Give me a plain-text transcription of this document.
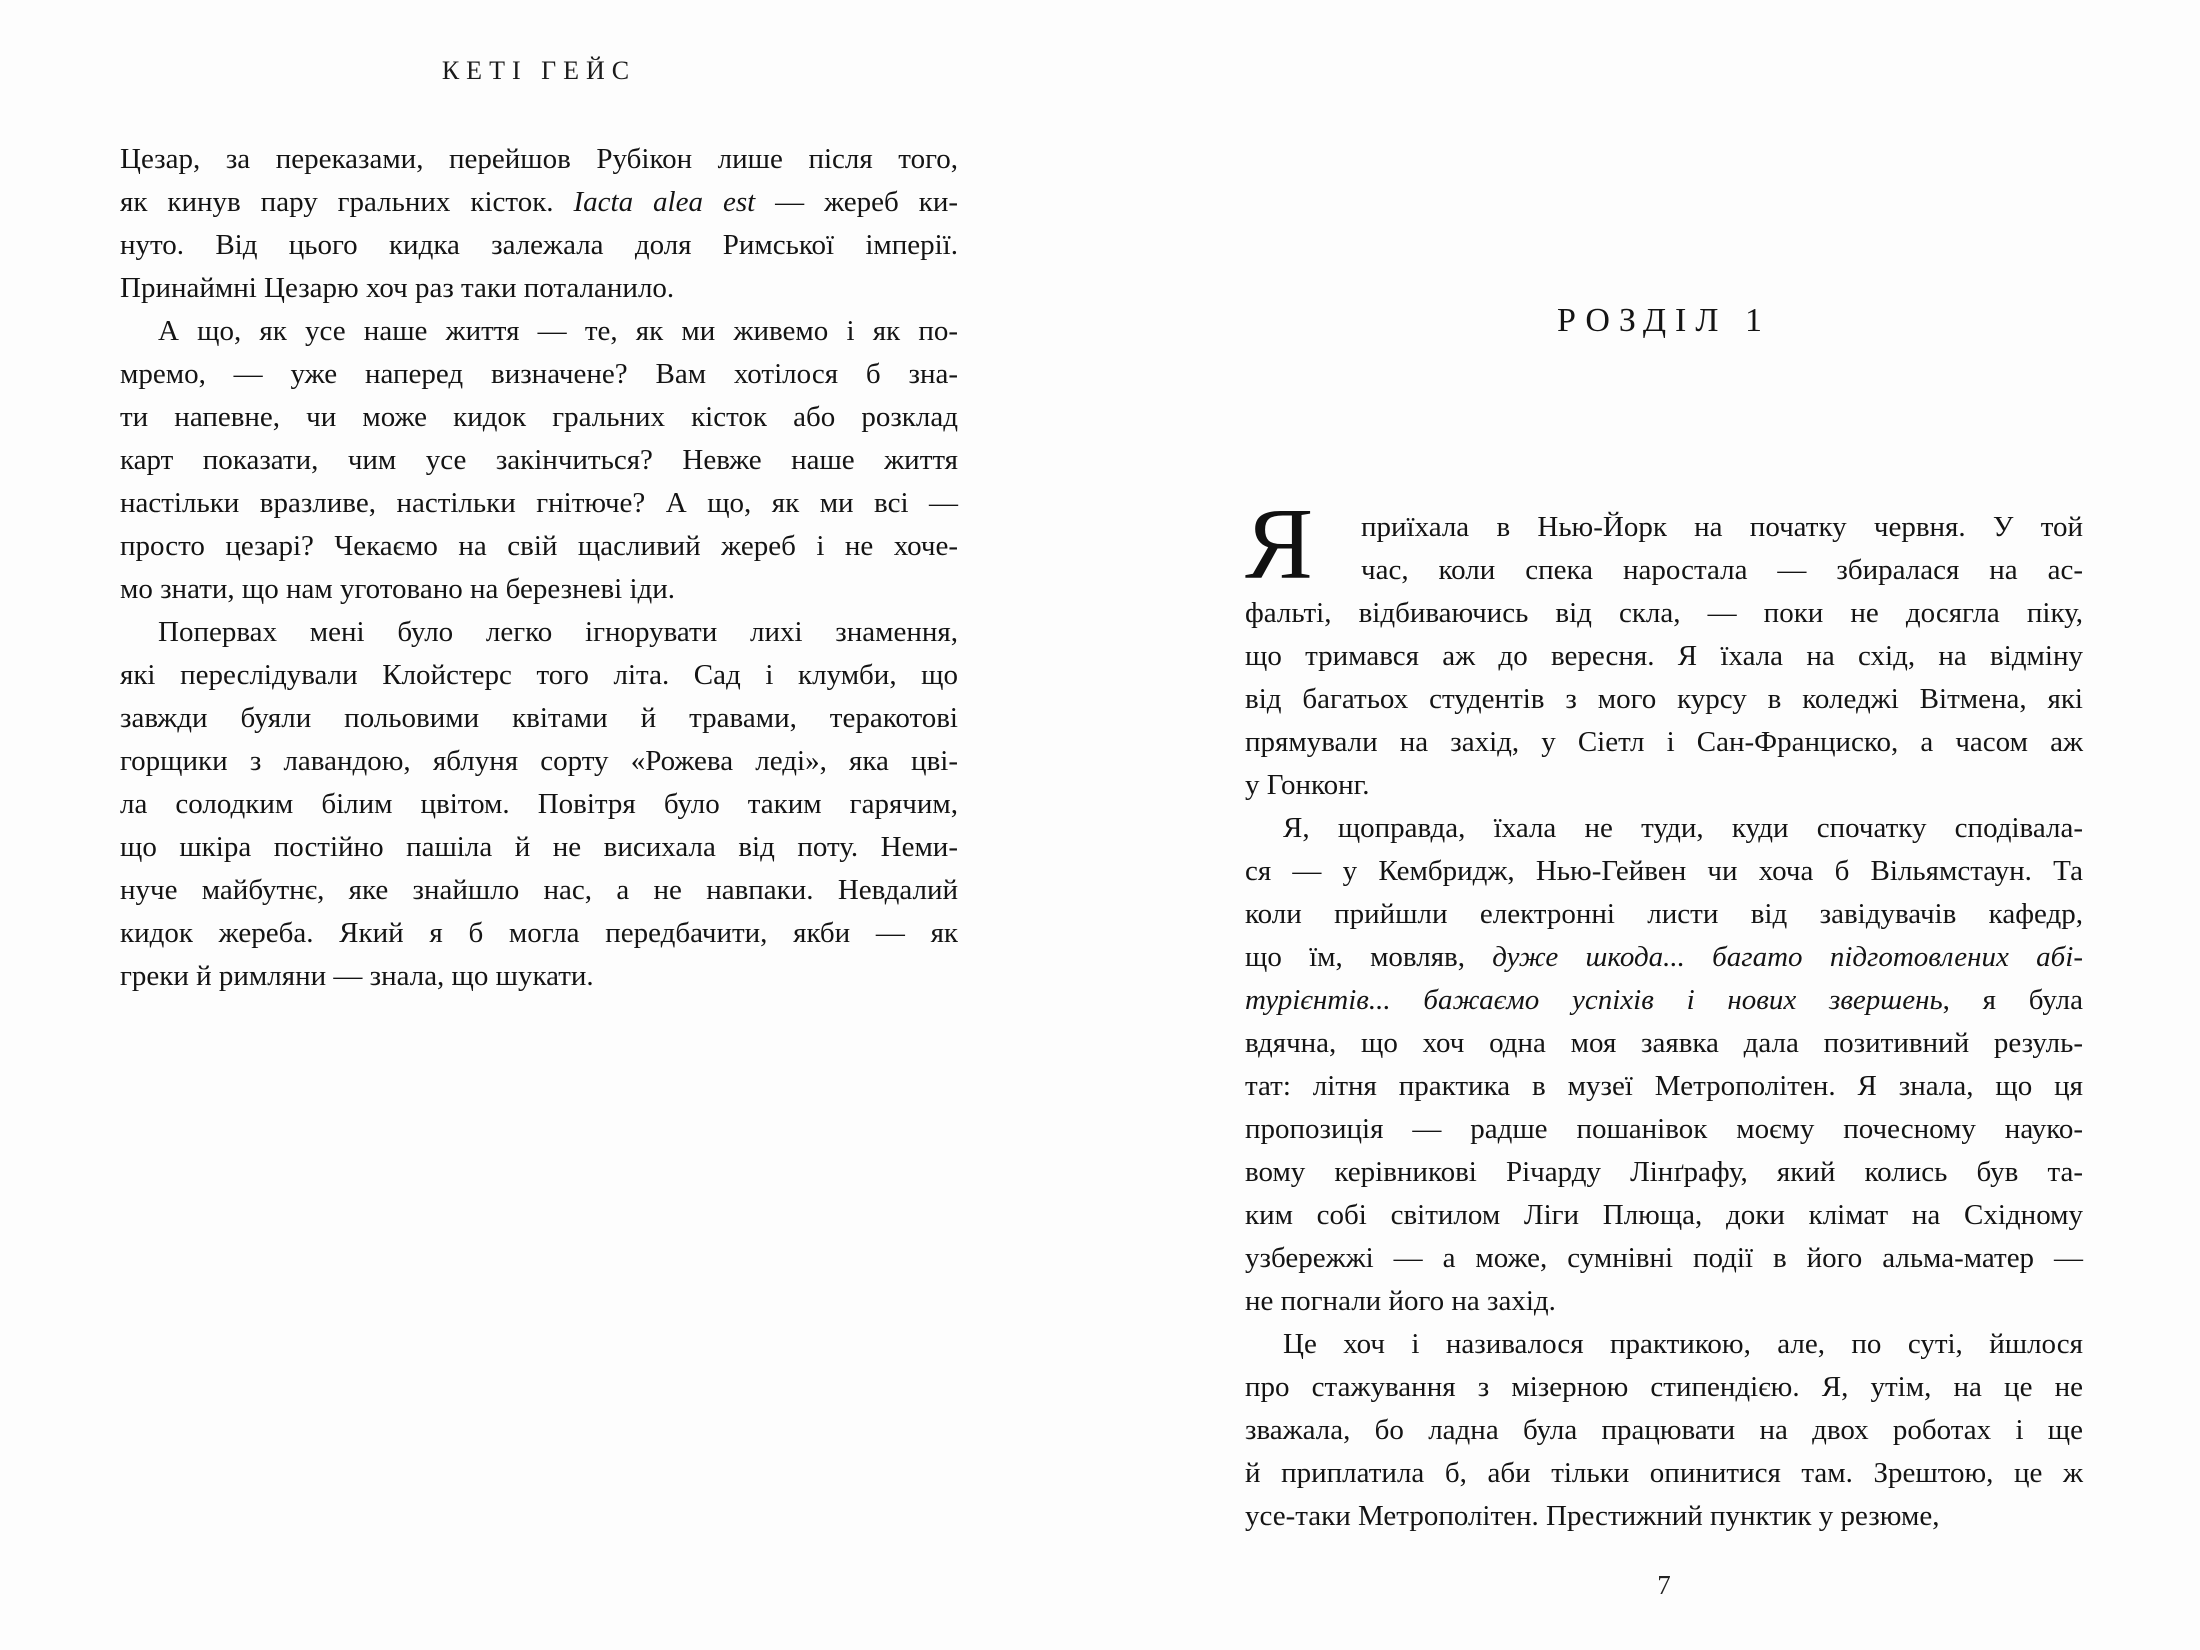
КЕТІ ГЕЙС
Цезар, за переказами, перейшов Рубікон лише після того,
як кинув пару гральних кісток. Iacta alea est — жереб ки-
нуто. Від цього кидка залежала доля Римської імперії.
Принаймні Цезарю хоч раз таки поталанило.
А що, як усе наше життя — те, як ми живемо і як по-
мремо, — уже наперед визначене? Вам хотілося б зна-
ти напевне, чи може кидок гральних кісток або розклад
карт показати, чим усе закінчиться? Невже наше життя
настільки вразливе, настільки гнітюче? А що, як ми всі —
просто цезарі? Чекаємо на свій щасливий жереб і не хоче-
мо знати, що нам уготовано на березневі іди.
Попервах мені було легко ігнорувати лихі знамення,
які переслідували Клойстерс того літа. Сад і клумби, що
завжди буяли польовими квітами й травами, теракотові
горщики з лавандою, яблуня сорту «Рожева леді», яка цві-
ла солодким білим цвітом. Повітря було таким гарячим,
що шкіра постійно пашіла й не висихала від поту. Неми-
нуче майбутнє, яке знайшло нас, а не навпаки. Невдалий
кидок жереба. Який я б могла передбачити, якби — як
греки й римляни — знала, що шукати.
РОЗДІЛ 1
Я	приїхала в Нью-Йорк на початку червня. У той
час, коли спека наростала — збиралася на ас-
фальті, відбиваючись від скла, — поки не досягла піку,
що тримався аж до вересня. Я їхала на схід, на відміну
від багатьох студентів з мого курсу в коледжі Вітмена, які
прямували на захід, у Сіетл і Сан-Франциско, а часом аж
у Гонконг.
Я, щоправда, їхала не туди, куди спочатку сподівала-
ся — у Кембридж, Нью-Гейвен чи хоча б Вільямстаун. Та
коли прийшли електронні листи від завідувачів кафедр,
що їм, мовляв, дуже шкода... багато підготовлених абі-
турієнтів... бажаємо успіхів і нових звершень, я була
вдячна, що хоч одна моя заявка дала позитивний резуль-
тат: літня практика в музеї Метрополітен. Я знала, що ця
пропозиція — радше пошанівок моєму почесному науко-
вому керівникові Річарду Лінґрафу, який колись був та-
ким собі світилом Ліги Плюща, доки клімат на Східному
узбережжі — а може, сумнівні події в його альма-матер —
не погнали його на захід.
Це хоч і називалося практикою, але, по суті, йшлося
про стажування з мізерною стипендією. Я, утім, на це не
зважала, бо ладна була працювати на двох роботах і ще
й приплатила б, аби тільки опинитися там. Зрештою, це ж
усе-таки Метрополітен. Престижний пунктик у резюме,
7
